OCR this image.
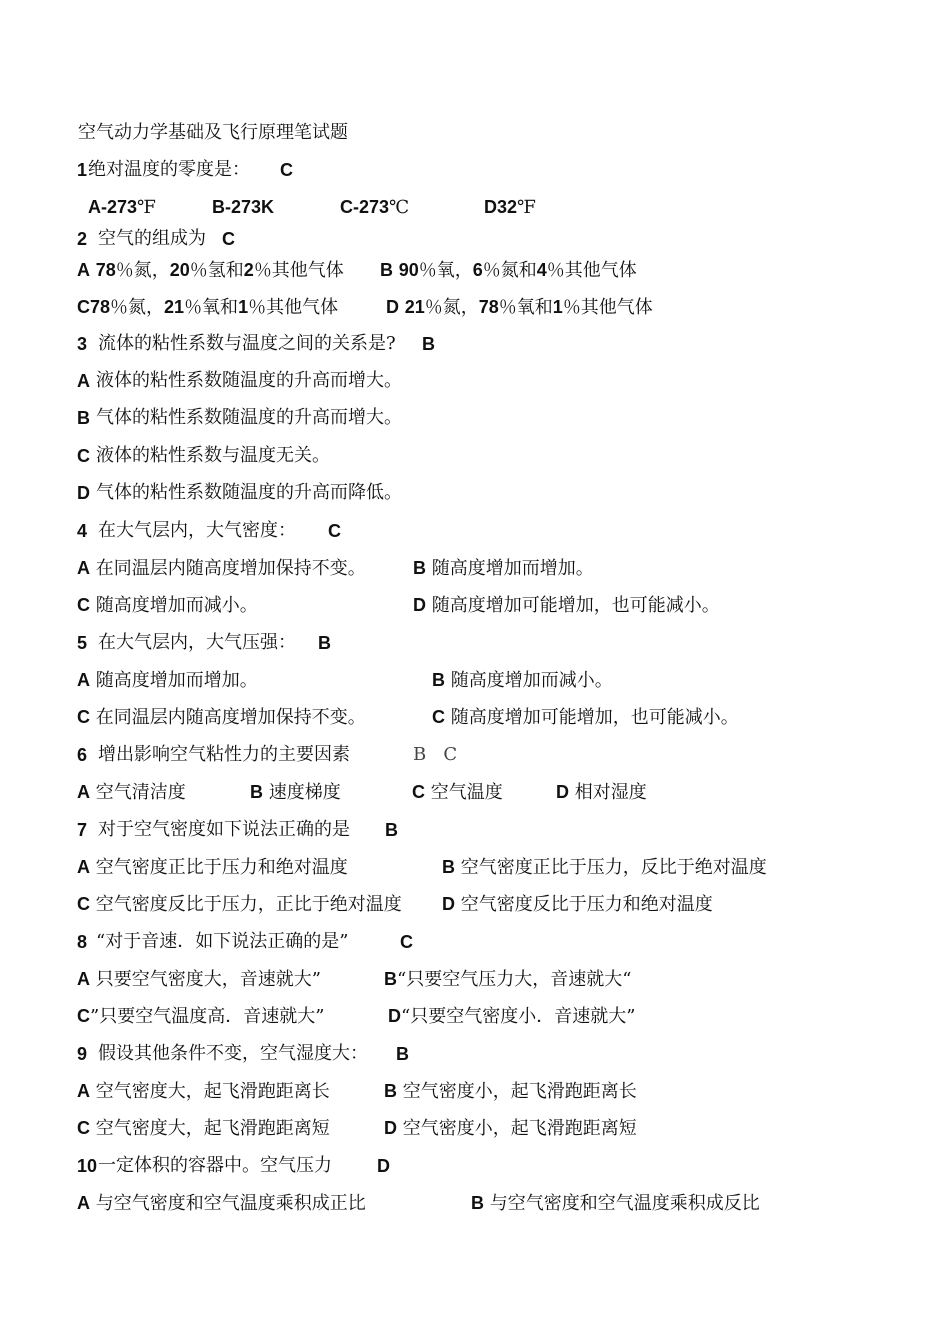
空气动力学基础及飞行原理笔试题
1 绝对温度的零度是： C
A-273℉	B-273K	C-273℃	D32℉
2 空气的组成为 C
A 78％氮，20％氢和2％其他气体 B 90％氧，6％氮和4％其他气体
C78％氮，21％氧和1％其他气体	D 21％氮，78％氧和1％其他气体
3 流体的粘性系数与温度之间的关系是? B
A 液体的粘性系数随温度的升高而增大。
B 气体的粘性系数随温度的升高而增大。
C 液体的粘性系数与温度无关。
D 气体的粘性系数随温度的升高而降低。
4 在大气层内，大气密度： C
A 在同温层内随高度增加保持不变。	B 随高度增加而增加。
C 随高度增加而减小。	D 随高度增加可能增加，也可能减小。
5 在大气层内，大气压强： B
A 随高度增加而增加。	B 随高度增加而减小。
C 在同温层内随高度增加保持不变。	C 随高度增加可能增加，也可能减小。
6 增出影响空气粘性力的主要因素	B   C
A 空气清洁度	B 速度梯度	C 空气温度	D 相对湿度
7 对于空气密度如下说法正确的是 B
A 空气密度正比于压力和绝对温度	B 空气密度正比于压力，反比于绝对温度
C 空气密度反比于压力，正比于绝对温度 D 空气密度反比于压力和绝对温度
8 “对于音速．如下说法正确的是”	C
A 只要空气密度大，音速就大”	B“只要空气压力大，音速就大“
C”只要空气温度高．音速就大”	D“只要空气密度小．音速就大”
9 假设其他条件不变，空气湿度大： B
A 空气密度大，起飞滑跑距离长	B 空气密度小，起飞滑跑距离长
C 空气密度大，起飞滑跑距离短	D 空气密度小，起飞滑跑距离短
10 一定体积的容器中。空气压力	D
A 与空气密度和空气温度乘积成正比	B 与空气密度和空气温度乘积成反比
